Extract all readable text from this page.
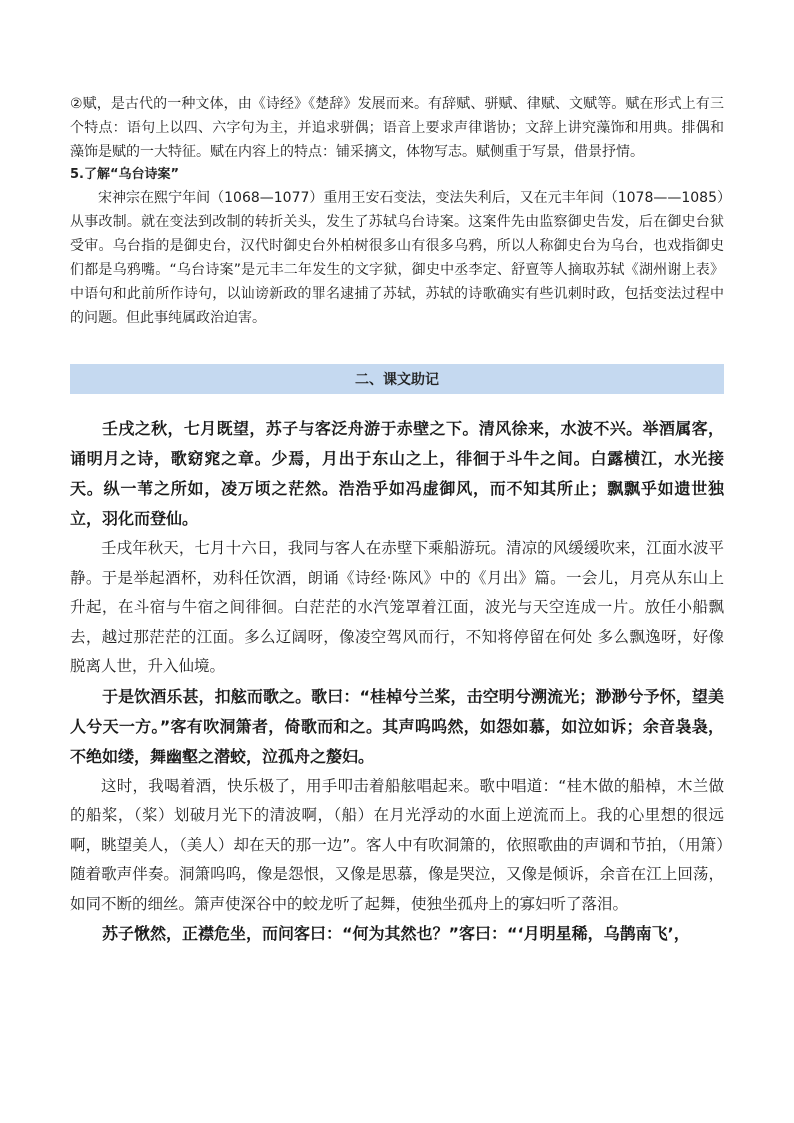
②赋，是古代的一种文体，由《诗经》《楚辞》发展而来。有辞赋、骈赋、律赋、文赋等。赋在形式上有三个特点：语句上以四、六字句为主，并追求骈偶；语音上要求声律谐协；文辞上讲究藻饰和用典。排偶和藻饰是赋的一大特征。赋在内容上的特点：铺采摛文，体物写志。赋侧重于写景，借景抒情。

5.了解“乌台诗案”

宋神宗在熙宁年间（1068—1077）重用王安石变法，变法失利后，又在元丰年间（1078——1085）从事改制。就在变法到改制的转折关头，发生了苏轼乌台诗案。这案件先由监察御史告发，后在御史台狱受审。乌台指的是御史台，汉代时御史台外柏树很多山有很多乌鸦，所以人称御史台为乌台，也戏指御史们都是乌鸦嘴。“乌台诗案”是元丰二年发生的文字狱，御史中丞李定、舒亶等人摘取苏轼《湖州谢上表》中语句和此前所作诗句，以讪谤新政的罪名逮捕了苏轼，苏轼的诗歌确实有些讥刺时政，包括变法过程中的问题。但此事纯属政治迫害。

二、课文助记

壬戌之秋，七月既望，苏子与客泛舟游于赤壁之下。清风徐来，水波不兴。举酒属客，诵明月之诗，歌窈窕之章。少焉，月出于东山之上，徘徊于斗牛之间。白露横江，水光接天。纵一苇之所如，凌万顷之茫然。浩浩乎如冯虚御风，而不知其所止；飘飘乎如遗世独立，羽化而登仙。

壬戌年秋天，七月十六日，我同与客人在赤壁下乘船游玩。清凉的风缓缓吹来，江面水波平静。于是举起酒杯，劝科任饮酒，朗诵《诗经·陈风》中的《月出》篇。一会儿，月亮从东山上升起，在斗宿与牛宿之间徘徊。白茫茫的水汽笼罩着江面，波光与天空连成一片。放任小船飘去，越过那茫茫的江面。多么辽阔呀，像凌空驾风而行，不知将停留在何处 多么飘逸呀，好像脱离人世，升入仙境。

于是饮酒乐甚，扣舷而歌之。歌曰：“桂棹兮兰桨，击空明兮溯流光；渺渺兮予怀，望美人兮天一方。”客有吹洞箫者，倚歌而和之。其声呜呜然，如怨如慕，如泣如诉；余音袅袅，不绝如缕，舞幽壑之潜蛟，泣孤舟之嫠妇。

这时，我喝着酒，快乐极了，用手叩击着船舷唱起来。歌中唱道：“桂木做的船棹，木兰做的船桨，（桨）划破月光下的清波啊，（船）在月光浮动的水面上逆流而上。我的心里想的很远啊，眺望美人，（美人）却在天的那一边”。客人中有吹洞箫的，依照歌曲的声调和节拍，（用箫）随着歌声伴奏。洞箫呜呜，像是怨恨，又像是思慕，像是哭泣，又像是倾诉，余音在江上回荡，如同不断的细丝。箫声使深谷中的蛟龙听了起舞，使独坐孤舟上的寡妇听了落泪。

苏子愀然，正襟危坐，而问客曰：“何为其然也？”客曰：“‘月明星稀，乌鹊南飞’，
